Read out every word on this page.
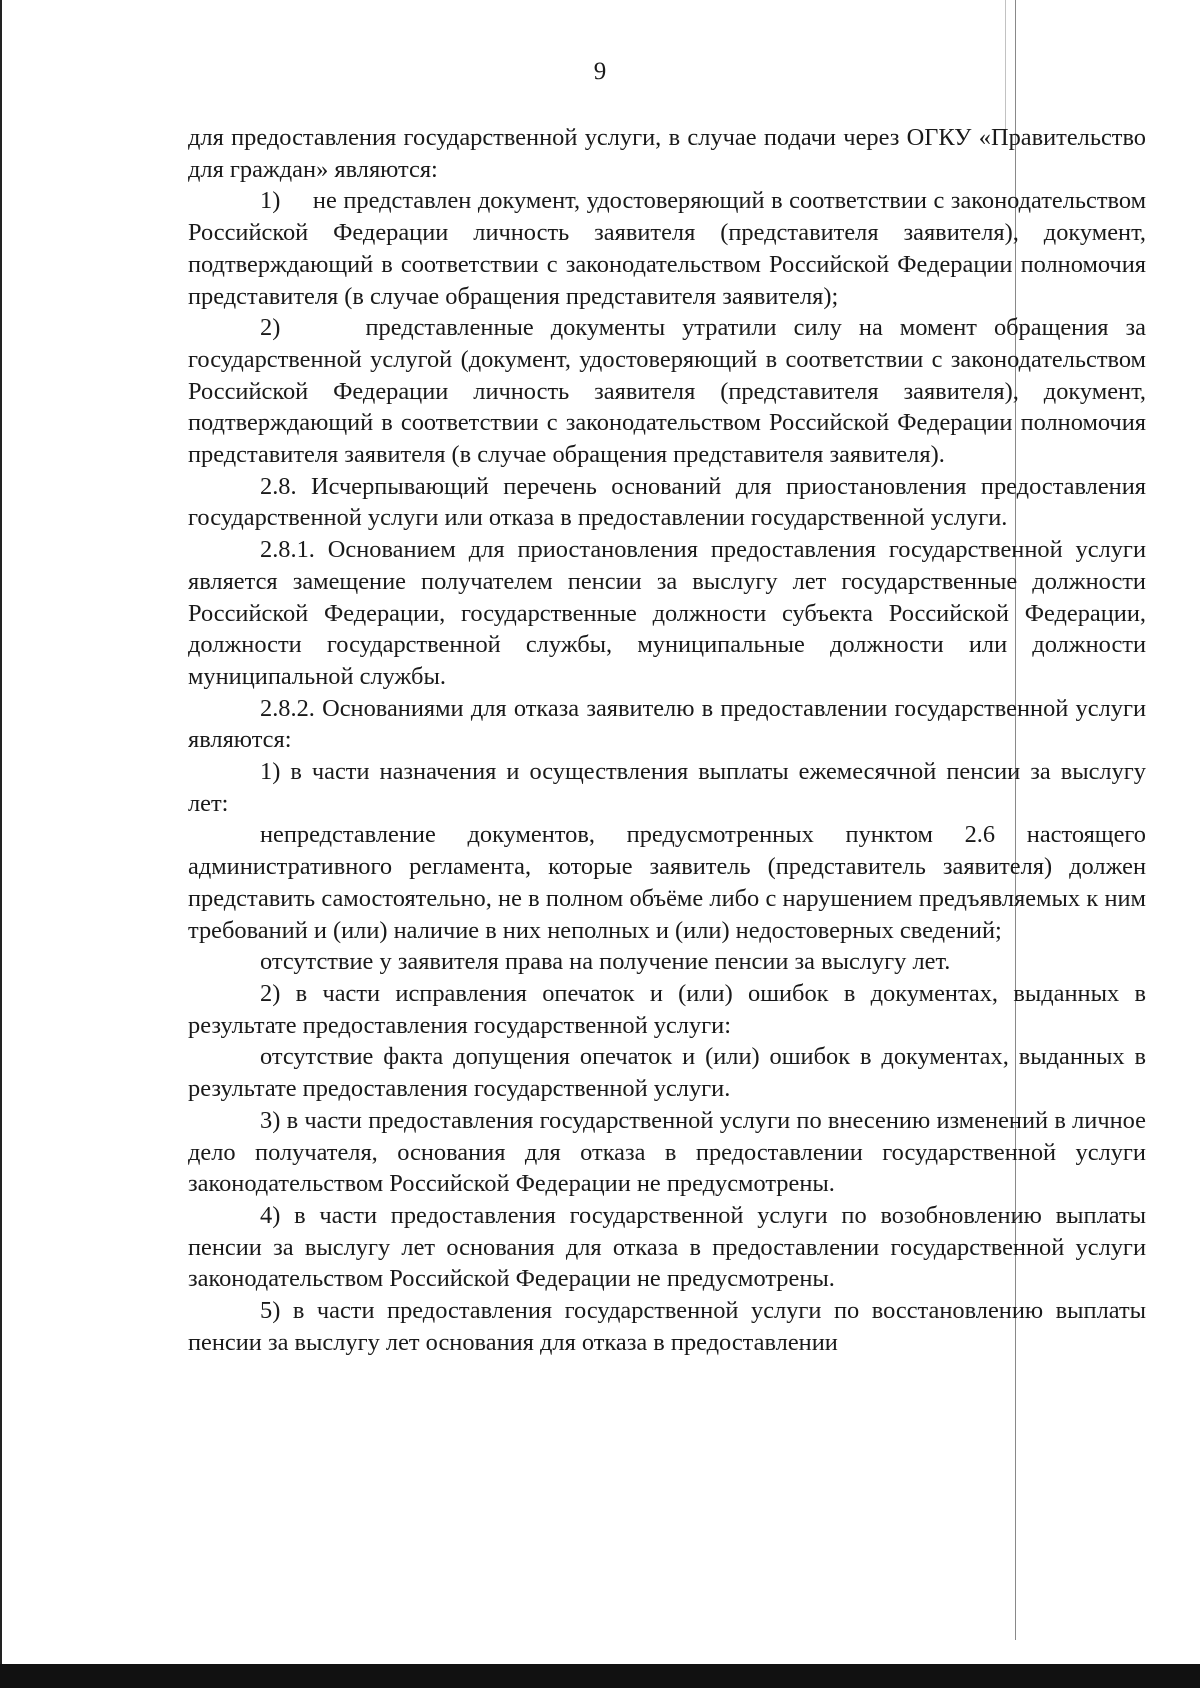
9

для предоставления государственной услуги, в случае подачи через ОГКУ «Правительство для граждан» являются:

1)     не представлен документ, удостоверяющий в соответствии с законодательством Российской Федерации личность заявителя (представителя заявителя), документ, подтверждающий в соответствии с законодательством Российской Федерации полномочия представителя (в случае обращения представителя заявителя);

2)     представленные документы утратили силу на момент обращения за государственной услугой (документ, удостоверяющий в соответствии с законодательством Российской Федерации личность заявителя (представителя заявителя), документ, подтверждающий в соответствии с законодательством Российской Федерации полномочия представителя заявителя (в случае обращения представителя заявителя).

2.8. Исчерпывающий перечень оснований для приостановления предоставления государственной услуги или отказа в предоставлении государственной услуги.

2.8.1. Основанием для приостановления предоставления государственной услуги является замещение получателем пенсии за выслугу лет государственные должности Российской Федерации, государственные должности субъекта Российской Федерации, должности государственной службы, муниципальные должности или должности муниципальной службы.

2.8.2. Основаниями для отказа заявителю в предоставлении государственной услуги являются:

1) в части назначения и осуществления выплаты ежемесячной пенсии за выслугу лет:

непредставление документов, предусмотренных пунктом 2.6 настоящего административного регламента, которые заявитель (представитель заявителя) должен представить самостоятельно, не в полном объёме либо с нарушением предъявляемых к ним требований и (или) наличие в них неполных и (или) недостоверных сведений;

отсутствие у заявителя права на получение пенсии за выслугу лет.

2) в части исправления опечаток и (или) ошибок в документах, выданных в результате предоставления государственной услуги:

отсутствие факта допущения опечаток и (или) ошибок в документах, выданных в результате предоставления государственной услуги.

3) в части предоставления государственной услуги по внесению изменений в личное дело получателя, основания для отказа в предоставлении государственной услуги законодательством Российской Федерации не предусмотрены.

4) в части предоставления государственной услуги по возобновлению выплаты пенсии за выслугу лет основания для отказа в предоставлении государственной услуги законодательством Российской Федерации не предусмотрены.

5) в части предоставления государственной услуги по восстановлению выплаты пенсии за выслугу лет основания для отказа в предоставлении
